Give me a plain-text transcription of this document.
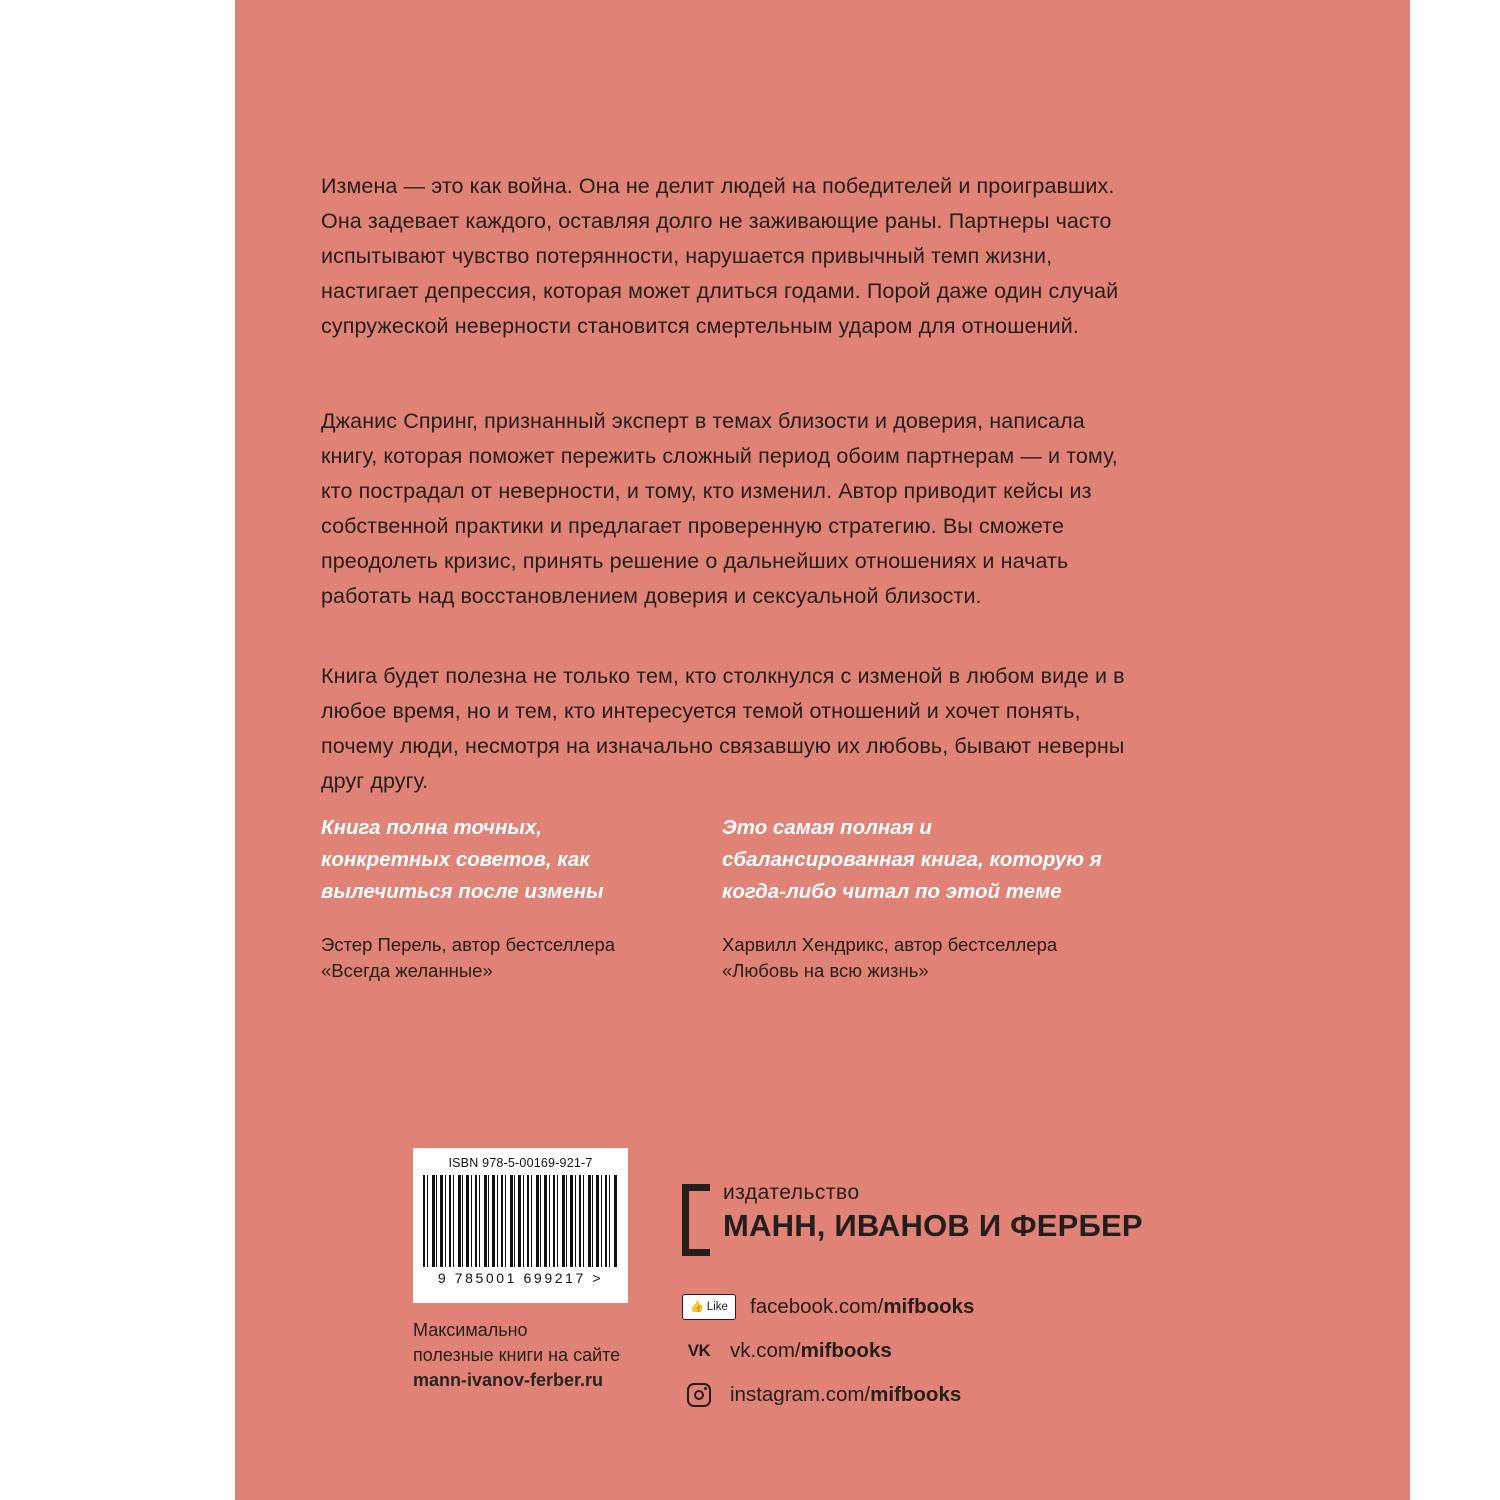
Измена — это как война. Она не делит людей на победителей и проигравших. Она задевает каждого, оставляя долго не заживающие раны. Партнеры часто испытывают чувство потерянности, нарушается привычный темп жизни, настигает депрессия, которая может длиться годами. Порой даже один случай супружеской неверности становится смертельным ударом для отношений.

Джанис Спринг, признанный эксперт в темах близости и доверия, написала книгу, которая поможет пережить сложный период обоим партнерам — и тому, кто пострадал от неверности, и тому, кто изменил. Автор приводит кейсы из собственной практики и предлагает проверенную стратегию. Вы сможете преодолеть кризис, принять решение о дальнейших отношениях и начать работать над восстановлением доверия и сексуальной близости.

Книга будет полезна не только тем, кто столкнулся с изменой в любом виде и в любое время, но и тем, кто интересуется темой отношений и хочет понять, почему люди, несмотря на изначально связавшую их любовь, бывают неверны друг другу.

Книга полна точных, конкретных советов, как вылечиться после измены
Эстер Перель, автор бестселлера «Всегда желанные»
Это самая полная и сбалансированная книга, которую я когда-либо читал по этой теме
Харвилл Хендрикс, автор бестселлера «Любовь на всю жизнь»
ISBN 978-5-00169-921-7
9 785001 699217 >
Максимально
полезные книги на сайте
mann-ivanov-ferber.ru
издательство
МАНН, ИВАНОВ И ФЕРБЕР
👍 Like facebook.com/mifbooks
VK vk.com/mifbooks
instagram.com/mifbooks
